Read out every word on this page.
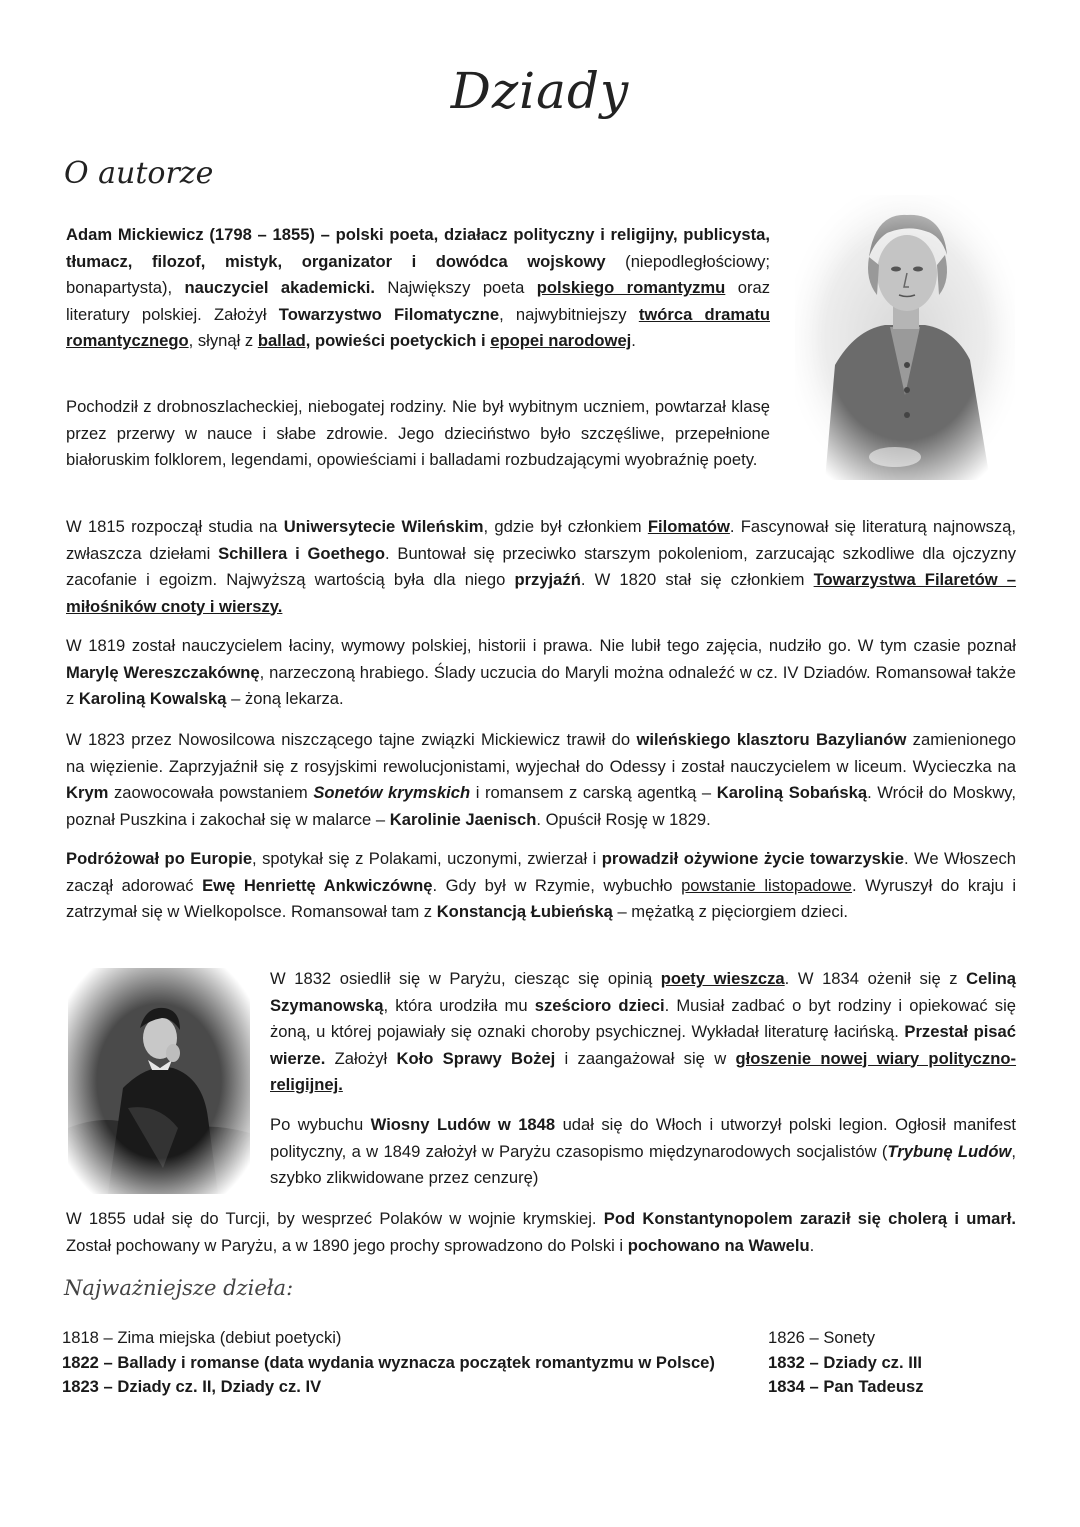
Dziady
O autorze

Adam Mickiewicz (1798 – 1855) – polski poeta, działacz polityczny i religijny, publicysta, tłumacz, filozof, mistyk, organizator i dowódca wojskowy (niepodległościowy; bonapartysta), nauczyciel akademicki. Największy poeta polskiego romantyzmu oraz literatury polskiej. Założył Towarzystwo Filomatyczne, najwybitniejszy twórca dramatu romantycznego, słynął z ballad, powieści poetyckich i epopei narodowej.

Pochodził z drobnoszlacheckiej, niebogatej rodziny. Nie był wybitnym uczniem, powtarzał klasę przez przerwy w nauce i słabe zdrowie. Jego dzieciństwo było szczęśliwe, przepełnione białoruskim folklorem, legendami, opowieściami i balladami rozbudzającymi wyobraźnię poety.

W 1815 rozpoczął studia na Uniwersytecie Wileńskim, gdzie był członkiem Filomatów. Fascynował się literaturą najnowszą, zwłaszcza dziełami Schillera i Goethego. Buntował się przeciwko starszym pokoleniom, zarzucając szkodliwe dla ojczyzny zacofanie i egoizm. Najwyższą wartością była dla niego przyjaźń. W 1820 stał się członkiem Towarzystwa Filaretów – miłośników cnoty i wierszy.

W 1819 został nauczycielem łaciny, wymowy polskiej, historii i prawa. Nie lubił tego zajęcia, nudziło go. W tym czasie poznał Marylę Wereszczakównę, narzeczoną hrabiego. Ślady uczucia do Maryli można odnaleźć w cz. IV Dziadów. Romansował także z Karoliną Kowalską – żoną lekarza.

W 1823 przez Nowosilcowa niszczącego tajne związki Mickiewicz trawił do wileńskiego klasztoru Bazylianów zamienionego na więzienie. Zaprzyjaźnił się z rosyjskimi rewolucjonistami, wyjechał do Odessy i został nauczycielem w liceum. Wycieczka na Krym zaowocowała powstaniem Sonetów krymskich i romansem z carską agentką – Karoliną Sobańską. Wrócił do Moskwy, poznał Puszkina i zakochał się w malarce – Karolinie Jaenisch. Opuścił Rosję w 1829.

Podróżował po Europie, spotykał się z Polakami, uczonymi, zwierzał i prowadził ożywione życie towarzyskie. We Włoszech zaczął adorować Ewę Henriettę Ankwiczównę. Gdy był w Rzymie, wybuchło powstanie listopadowe. Wyruszył do kraju i zatrzymał się w Wielkopolsce. Romansował tam z Konstancją Łubieńską – mężatką z pięciorgiem dzieci.

W 1832 osiedlił się w Paryżu, ciesząc się opinią poety wieszcza. W 1834 ożenił się z Celiną Szymanowską, która urodziła mu sześcioro dzieci. Musiał zadbać o byt rodziny i opiekować się żoną, u której pojawiały się oznaki choroby psychicznej. Wykładał literaturę łacińską. Przestał pisać wierze. Założył Koło Sprawy Bożej i zaangażował się w głoszenie nowej wiary polityczno-religijnej.

Po wybuchu Wiosny Ludów w 1848 udał się do Włoch i utworzył polski legion. Ogłosił manifest polityczny, a w 1849 założył w Paryżu czasopismo międzynarodowych socjalistów (Trybunę Ludów, szybko zlikwidowane przez cenzurę)

W 1855 udał się do Turcji, by wesprzeć Polaków w wojnie krymskiej. Pod Konstantynopolem zaraził się cholerą i umarł. Został pochowany w Paryżu, a w 1890 jego prochy sprowadzono do Polski i pochowano na Wawelu.

Najważniejsze dzieła:
1818 – Zima miejska (debiut poetycki)
1822 – Ballady i romanse (data wydania wyznacza początek romantyzmu w Polsce)
1823 – Dziady cz. II, Dziady cz. IV
1826 – Sonety
1832 – Dziady cz. III
1834 – Pan Tadeusz
